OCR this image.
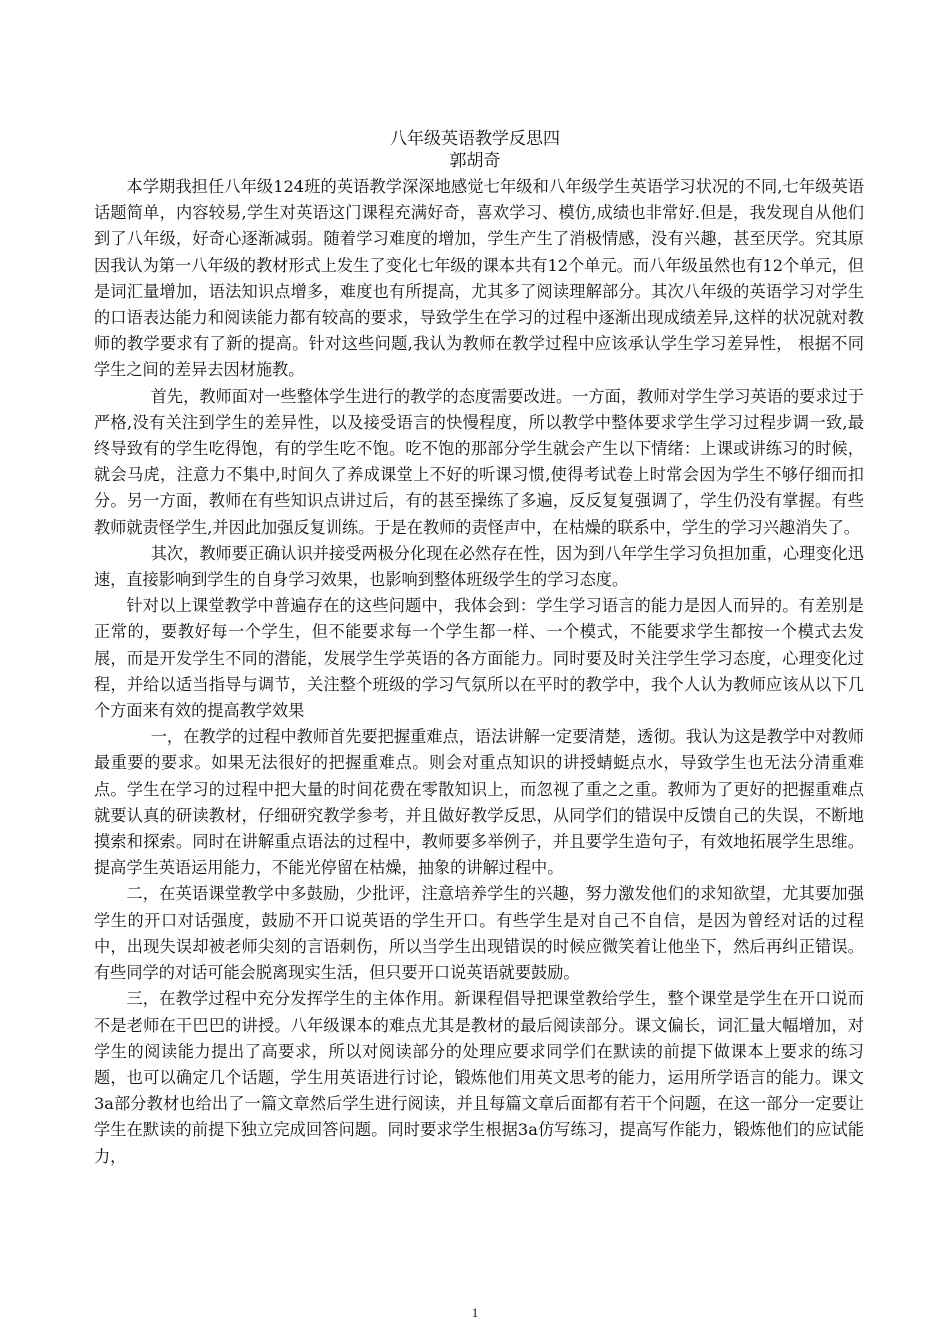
八年级英语教学反思四
郭胡奇

本学期我担任八年级124班的英语教学深深地感觉七年级和八年级学生英语学习状况的不同,七年级英语话题简单，内容较易,学生对英语这门课程充满好奇，喜欢学习、模仿,成绩也非常好.但是，我发现自从他们到了八年级，好奇心逐渐减弱。随着学习难度的增加，学生产生了消极情感，没有兴趣，甚至厌学。究其原因我认为第一八年级的教材形式上发生了变化七年级的课本共有12个单元。而八年级虽然也有12个单元，但是词汇量增加，语法知识点增多，难度也有所提高，尤其多了阅读理解部分。其次八年级的英语学习对学生的口语表达能力和阅读能力都有较高的要求，导致学生在学习的过程中逐渐出现成绩差异,这样的状况就对教师的教学要求有了新的提高。针对这些问题,我认为教师在教学过程中应该承认学生学习差异性， 根据不同学生之间的差异去因材施教。

首先，教师面对一些整体学生进行的教学的态度需要改进。一方面，教师对学生学习英语的要求过于严格,没有关注到学生的差异性，以及接受语言的快慢程度，所以教学中整体要求学生学习过程步调一致,最终导致有的学生吃得饱，有的学生吃不饱。吃不饱的那部分学生就会产生以下情绪：上课或讲练习的时候，就会马虎，注意力不集中,时间久了养成课堂上不好的听课习惯,使得考试卷上时常会因为学生不够仔细而扣分。另一方面，教师在有些知识点讲过后，有的甚至操练了多遍，反反复复强调了，学生仍没有掌握。有些教师就责怪学生,并因此加强反复训练。于是在教师的责怪声中，在枯燥的联系中，学生的学习兴趣消失了。

其次，教师要正确认识并接受两极分化现在必然存在性，因为到八年学生学习负担加重，心理变化迅速，直接影响到学生的自身学习效果，也影响到整体班级学生的学习态度。

针对以上课堂教学中普遍存在的这些问题中，我体会到：学生学习语言的能力是因人而异的。有差别是正常的，要教好每一个学生，但不能要求每一个学生都一样、一个模式，不能要求学生都按一个模式去发展，而是开发学生不同的潜能，发展学生学英语的各方面能力。同时要及时关注学生学习态度，心理变化过程，并给以适当指导与调节，关注整个班级的学习气氛所以在平时的教学中，我个人认为教师应该从以下几个方面来有效的提高教学效果

一，在教学的过程中教师首先要把握重难点，语法讲解一定要清楚，透彻。我认为这是教学中对教师最重要的要求。如果无法很好的把握重难点。则会对重点知识的讲授蜻蜓点水，导致学生也无法分清重难点。学生在学习的过程中把大量的时间花费在零散知识上，而忽视了重之之重。教师为了更好的把握重难点就要认真的研读教材，仔细研究教学参考，并且做好教学反思，从同学们的错误中反馈自己的失误，不断地摸索和探索。同时在讲解重点语法的过程中，教师要多举例子，并且要学生造句子，有效地拓展学生思维。提高学生英语运用能力，不能光停留在枯燥，抽象的讲解过程中。

二，在英语课堂教学中多鼓励，少批评，注意培养学生的兴趣，努力激发他们的求知欲望，尤其要加强学生的开口对话强度，鼓励不开口说英语的学生开口。有些学生是对自己不自信，是因为曾经对话的过程中，出现失误却被老师尖刻的言语刺伤，所以当学生出现错误的时候应微笑着让他坐下，然后再纠正错误。有些同学的对话可能会脱离现实生活，但只要开口说英语就要鼓励。

三，在教学过程中充分发挥学生的主体作用。新课程倡导把课堂教给学生，整个课堂是学生在开口说而不是老师在干巴巴的讲授。八年级课本的难点尤其是教材的最后阅读部分。课文偏长，词汇量大幅增加，对学生的阅读能力提出了高要求，所以对阅读部分的处理应要求同学们在默读的前提下做课本上要求的练习题，也可以确定几个话题，学生用英语进行讨论，锻炼他们用英文思考的能力，运用所学语言的能力。课文3a部分教材也给出了一篇文章然后学生进行阅读，并且每篇文章后面都有若干个问题，在这一部分一定要让学生在默读的前提下独立完成回答问题。同时要求学生根据3a仿写练习，提高写作能力，锻炼他们的应试能力，

1
